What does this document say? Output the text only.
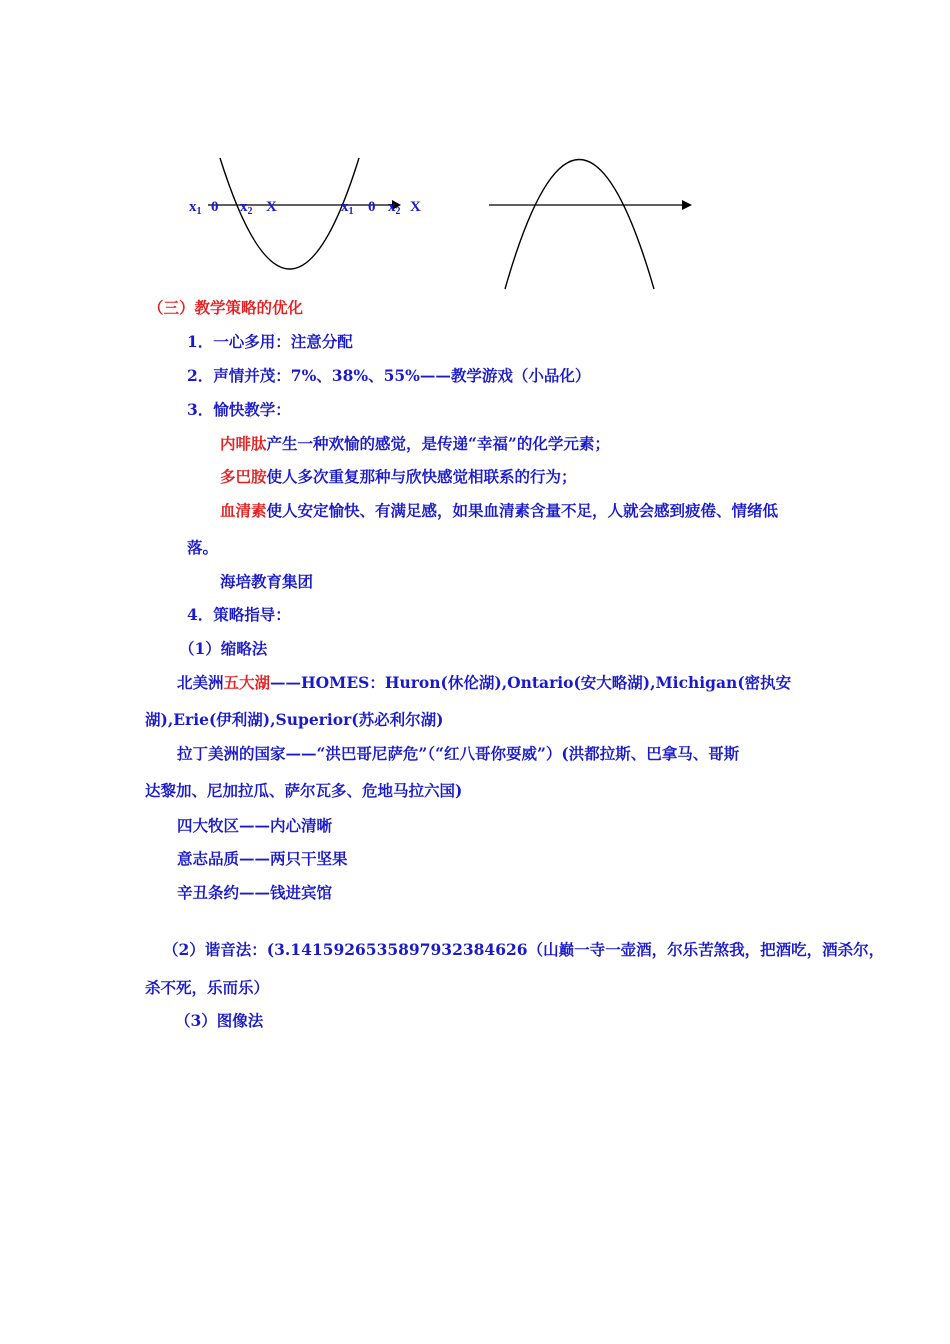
$x_1$ 0 $x_2$ X	$x_1$ 0 $x_2$ X
（三）教学策略的优化
1．一心多用：注意分配
2．声情并茂：7%、38%、55%——教学游戏（小品化）
3．愉快教学：
内啡肽产生一种欢愉的感觉，是传递“幸福”的化学元素；
多巴胺使人多次重复那种与欣快感觉相联系的行为；
血清素使人安定愉快、有满足感，如果血清素含量不足，人就会感到疲倦、情绪低
落。
海培教育集团
4．策略指导：
（1）缩略法
北美洲五大湖——HOMES：Huron(休伦湖),Ontario(安大略湖),Michigan(密执安
湖),Erie(伊利湖),Superior(苏必利尔湖)
拉丁美洲的国家——“洪巴哥尼萨危”（“红八哥你耍威”）(洪都拉斯、巴拿马、哥斯
达黎加、尼加拉瓜、萨尔瓦多、危地马拉六国)
四大牧区——内心清晰
意志品质——两只干坚果
辛丑条约——钱进宾馆
（2）谐音法：(3.14159265358979323846​26（山巅一寺一壶酒，尔乐苦煞我，把酒吃，酒杀尔，
杀不死，乐而乐）
（3）图像法
